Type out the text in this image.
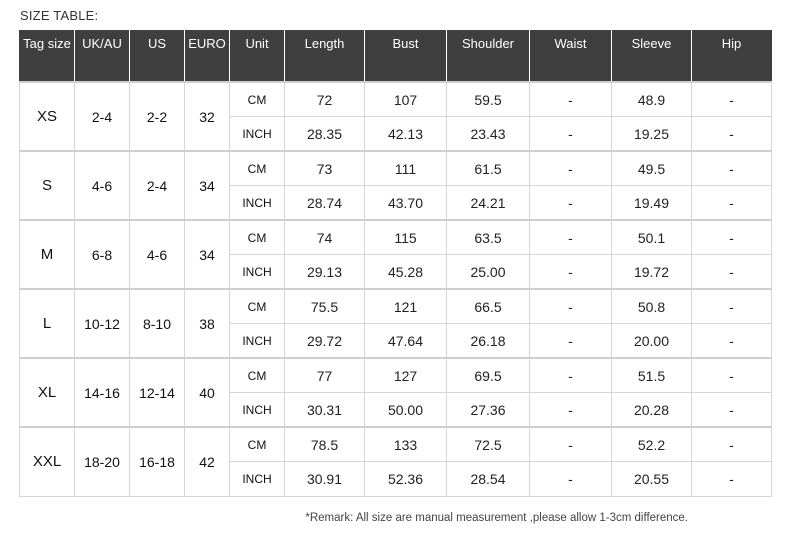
SIZE TABLE:
Tag size	UK/AU	US	EURO	Unit	Length	Bust	Shoulder	Waist	Sleeve	Hip
XS	2-4	2-2	32	CM	72	107	59.5	-	48.9	-
				INCH	28.35	42.13	23.43	-	19.25	-
S	4-6	2-4	34	CM	73	111	61.5	-	49.5	-
				INCH	28.74	43.70	24.21	-	19.49	-
M	6-8	4-6	34	CM	74	115	63.5	-	50.1	-
				INCH	29.13	45.28	25.00	-	19.72	-
L	10-12	8-10	38	CM	75.5	121	66.5	-	50.8	-
				INCH	29.72	47.64	26.18	-	20.00	-
XL	14-16	12-14	40	CM	77	127	69.5	-	51.5	-
				INCH	30.31	50.00	27.36	-	20.28	-
XXL	18-20	16-18	42	CM	78.5	133	72.5	-	52.2	-
				INCH	30.91	52.36	28.54	-	20.55	-
*Remark: All size are manual measurement ,please allow 1-3cm difference.
